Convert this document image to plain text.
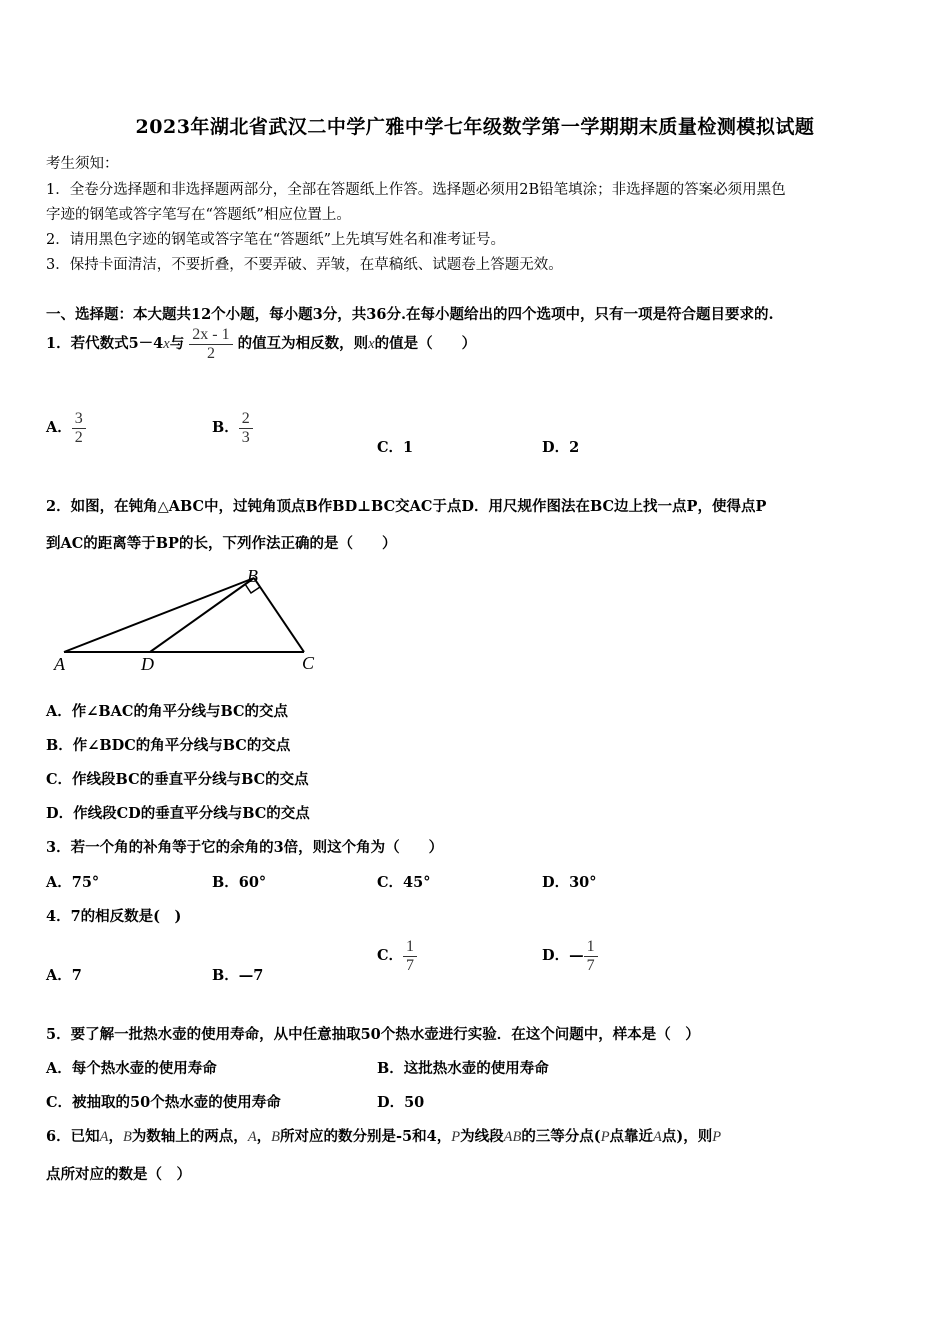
2023年湖北省武汉二中学广雅中学七年级数学第一学期期末质量检测模拟试题
考生须知：
1．全卷分选择题和非选择题两部分，全部在答题纸上作答。选择题必须用2B铅笔填涂；非选择题的答案必须用黑色
字迹的钢笔或答字笔写在“答题纸”相应位置上。
2．请用黑色字迹的钢笔或答字笔在“答题纸”上先填写姓名和准考证号。
3．保持卡面清洁，不要折叠，不要弄破、弄皱，在草稿纸、试题卷上答题无效。
一、选择题：本大题共12个小题，每小题3分，共36分.在每小题给出的四个选项中，只有一项是符合题目要求的.
1．若代数式5－4x与 $\frac{2x - 1}{2}$ 的值互为相反数，则x的值是（　　）
A． $\frac{3}{2}$	B． $\frac{2}{3}$
C．1	D．2
2．如图，在钝角△ABC中，过钝角顶点B作BD⊥BC交AC于点D．用尺规作图法在BC边上找一点P，使得点P
到AC的距离等于BP的长，下列作法正确的是（　　）
A
B
C
D
A．作∠BAC的角平分线与BC的交点
B．作∠BDC的角平分线与BC的交点
C．作线段BC的垂直平分线与BC的交点
D．作线段CD的垂直平分线与BC的交点
3．若一个角的补角等于它的余角的3倍，则这个角为（　　）
A．75°	B．60°	C．45°	D．30°
4．7的相反数是(　)
A．7	B．—7
C． $\frac{1}{7}$	D．— $\frac{1}{7}$
5．要了解一批热水壶的使用寿命，从中任意抽取50个热水壶进行实验．在这个问题中，样本是（　）
A．每个热水壶的使用寿命	B．这批热水壶的使用寿命
C．被抽取的50个热水壶的使用寿命	D．50
6．已知A，B为数轴上的两点，A，B所对应的数分别是-5和4，P为线段AB的三等分点(P点靠近A点)，则P
点所对应的数是（　）
